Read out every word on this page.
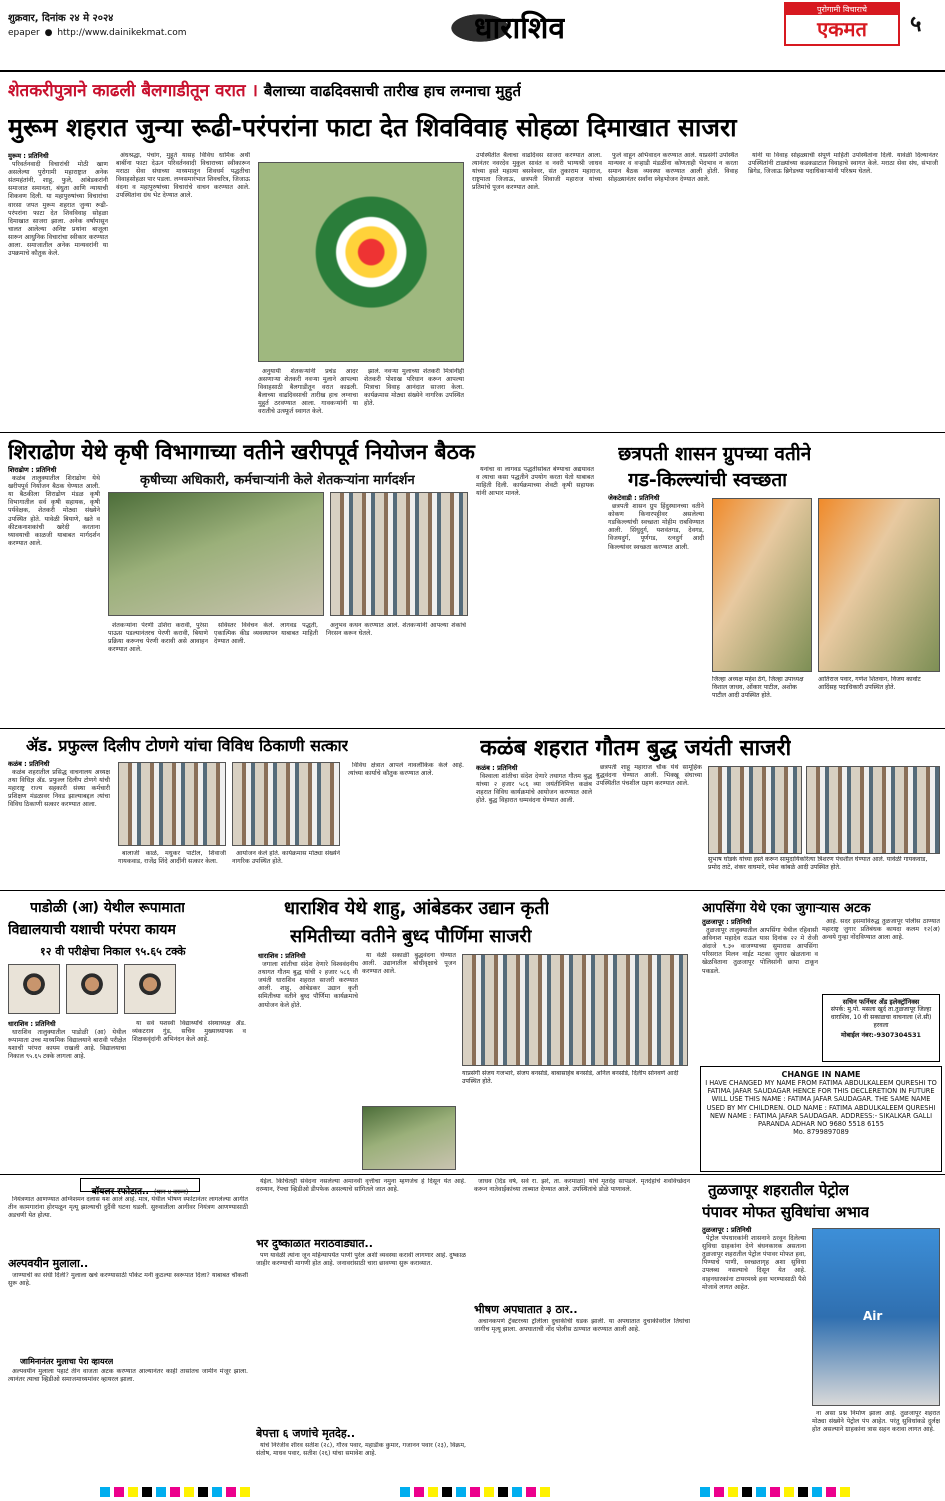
शुक्रवार, दिनांक २४ मे २०२४
epaper ● http://www.dainikekmat.com	धाराशिव
पुरोगामी विचाराचे
एकमत	५
शेतकरीपुत्राने काढली बैलगाडीतून वरात । बैलाच्या वाढदिवसाची तारीख हाच लग्नाचा मुहुर्त
मुरूम शहरात जुन्या रूढी-परंपरांना फाटा देत शिवविवाह सोहळा दिमाखात साजरा
मुरूम : प्रतिनिधी

परिवर्तनवादी विचारांची मोठी खाण असलेल्या पुरोगामी महाराष्ट्रात अनेक संतमहंतांनी, शाहू, फुले, आंबेडकरांनी समाजात समानता, बंधुता आणि न्यायाची शिकवण दिली. या महापुरुषांच्या विचारांचा वारसा जपत मुरूम शहरात जुन्या रूढी-परंपरांना फाटा देत शिवविवाह सोहळा दिमाखात साजरा झाला. अनेक वर्षांपासून चालत आलेल्या अनिष्ट प्रथांना बाजूला सारून आधुनिक विचारांचा स्वीकार करण्यात आला. समाजातील अनेक मान्यवरांनी या उपक्रमाचे कौतुक केले.

अंधश्रद्धा, पंचांग, मुहूर्त यासह विविध धार्मिक अर्थी बाबींना फाटा देऊन परिवर्तनवादी विचाराच्या स्वीकारून मराठा सेवा संघाच्या माध्यमातून शिवधर्म पद्धतीचा विवाहसोहळा पार पडला. लग्नसमारंभात शिवचरित्र, जिजाऊ वंदना व महापुरुषांच्या विचारांचे वाचन करण्यात आले. उपस्थितांना ग्रंथ भेट देण्यात आले.

अनुयायी शेतकऱ्यांनी प्रचंड आदर असणाऱ्या शेतकरी नवऱ्या मुलाने आपल्या विवाहसाठी बैलगाडीतून वरात काढली. बैलाच्या वाढदिवसाची तारीख हाच लग्नाचा मुहुर्त ठरवण्यात आला. गावकऱ्यांनी या वरातीचे उत्स्फूर्त स्वागत केले.

झाले. नवऱ्या मुलाच्या शेतकरी मित्रांनीही शेतकरी पोशाख परिधान करून आपल्या मित्राचा विवाह आनंदात साजरा केला. कार्यक्रमास मोठ्या संख्येने नागरिक उपस्थित होते.

उपस्थितीत बैलाचा वाढदिवस साजरा करण्यात आला. त्यानंतर नवरदेव मुकुल सावंत व नवरी भाग्यश्री जाधव यांच्या हस्ते महात्मा बसवेश्वर, संत तुकाराम महाराज, राष्ट्रमाता जिजाऊ, छत्रपती शिवाजी महाराज यांच्या प्रतिमांचे पूजन करण्यात आले.

फुले वाहून अभिवादन करण्यात आले. याप्रसंगी उपस्थित मान्यवर व वऱ्हाडी मंडळींना कोणताही भेदभाव न करता समान बैठक व्यवस्था करण्यात आली होती. विवाह सोहळ्यानंतर सर्वांना स्नेहभोजन देण्यात आले.

यांनी या विवाह सोहळ्याची संपूर्ण माहिती उपस्थितांना दिली. यावेळी दिल्यानंतर उपस्थितांनी टाळ्यांच्या कडकडाटात विवाहाचे स्वागत केले. मराठा सेवा संघ, संभाजी ब्रिगेड, जिजाऊ ब्रिगेडच्या पदाधिकाऱ्यांनी परिश्रम घेतले.

शिराढोण येथे कृषी विभागाच्या वतीने खरीपपूर्व नियोजन बैठक
शिराढोण : प्रतिनिधी

कळंब तालुक्यातील शिराढोण येथे खरीपपूर्व नियोजन बैठक घेण्यात आली. या बैठकीला शिराढोण मंडळ कृषी विभागातील सर्व कृषी सहायक, कृषी पर्यवेक्षक, शेतकरी मोठ्या संख्येने उपस्थित होते. यावेळी बियाणे, खते व कीटकनाशकांची खरेदी करताना घ्यावयाची काळजी याबाबत मार्गदर्शन करण्यात आले.

कृषीच्या अधिकारी, कर्मचाऱ्यांनी केले शेतकऱ्यांना मार्गदर्शन

शेतकऱ्यांना पेरणी उशिरा करावी, पुरेसा पाऊस पडल्यानंतरच पेरणी करावी, बियाणे प्रक्रिया करूनच पेरणी करावी असे आवाहन करण्यात आले.

सविस्तर विवेचन केले. लागवड पद्धती, एकात्मिक कीड व्यवस्थापन याबाबत माहिती देण्यात आली.

अनुभव कथन करण्यात आले. शेतकऱ्यांनी आपल्या शंकांचे निरसन करून घेतले.

यनांचा वा लागवड पद्धतीसोबत बेण्याचा अद्ययावत व त्याचा कसा पद्धतीने उपयोग करता येतो याबाबत माहिती दिली. कार्यक्रमाच्या शेवटी कृषी सहायक यांनी आभार मानले.

छत्रपती शासन ग्रुपच्या वतीने
गड-किल्ल्यांची स्वच्छता
जेकटेवाडी : प्रतिनिधी

छत्रपती शासन ग्रुप हिंदुस्थानच्या वतीने कोकण किनारपट्टीवर असलेल्या गडकिल्ल्यांची स्वच्छता मोहीम राबविण्यात आली. सिंधुदुर्ग, यशवंतगड, देवगड, विजयदुर्ग, पूर्णगड, रत्नदुर्ग आदी किल्ल्यांवर स्वच्छता करण्यात आली.

जिल्हा अध्यक्ष महेश ठेंगे, जिल्हा उपाध्यक्ष विशाल जाधव, ओंकार पाटील, अशोक पाटील आदी उपस्थित होते.
आतिराज पवार, गणेश शितवान, विजय कार्वाट आदिंसह पदाधिकारी उपस्थित होते.
ॲड. प्रफुल्ल दिलीप टोणगे यांचा विविध ठिकाणी सत्कार
कळंब : प्रतिनिधी

कळंब शहरातील प्रसिद्ध वाचनालय अध्यक्ष तथा विधिज्ञ ॲड. प्रफुल्ल दिलीप टोणगे यांची महाराष्ट्र राज्य सहकारी संस्था कर्मचारी प्रशिक्षण मंडळावर निवड झाल्याबद्दल त्यांचा विविध ठिकाणी सत्कार करण्यात आला.

बालाजी काळे, मधुकर पाटील, शिवाजी गायकवाड, राजेंद्र शिंदे आदींनी सत्कार केला.

आयोजन केले होते. कार्यक्रमास मोठ्या संख्येने नागरिक उपस्थित होते.

विविध क्षेत्रात आपले नावलौकिक केले आहे. त्यांच्या कार्याचे कौतुक करण्यात आले.

कळंब शहरात गौतम बुद्ध जयंती साजरी
कळंब : प्रतिनिधी

विश्वाला शांतीचा संदेश देणारे तथागत गौतम बुद्ध यांच्या २ हजार ५८६ व्या जयंतीनिमित्त कळंब शहरात विविध कार्यक्रमांचे आयोजन करण्यात आले होते. बुद्ध विहारात धम्मवंदना घेण्यात आली.

छत्रपती शाहू महाराज चौक येथे सामूहिक बुद्धवंदना घेण्यात आली. भिक्खू संघाच्या उपस्थितीत पंचशील ग्रहण करण्यात आले.

सुभाष घोडके यांच्या हस्ते करून सामुदायिकरित्या त्रिशरण पंचशील घेण्यात आले. यावेळी गायकवाड, प्रमोद ताटे, शंकर वाघमारे, रमेश कांबळे आदी उपस्थित होते.
पाडोळी (आ) येथील रूपामाता
विद्यालयाची यशाची परंपरा कायम
१२ वी परीक्षेचा निकाल ९५.६५ टक्के
धाराशिव : प्रतिनिधी

धाराशिव तालुक्यातील पाडोळी (आ) येथील रूपामाता उच्च माध्यमिक विद्यालयाने बारावी परीक्षेत यशाची परंपरा कायम राखली आहे. विद्यालयाचा निकाल ९५.६५ टक्के लागला आहे.

या सर्व यशस्वी विद्यार्थ्यांचे संस्थाध्यक्ष ॲड. व्यंकटराव गुंड, सचिव मुख्याध्यापक व शिक्षकवृंदांनी अभिनंदन केले आहे.

धाराशिव येथे शाहु, आंबेडकर उद्यान कृती
समितीच्या वतीने बुध्द पौर्णिमा साजरी
धाराशिव : प्रतिनिधी

जगाला शांतीचा संदेश देणारे विश्ववंदनीय तथागत गौतम बुद्ध यांची २ हजार ५८६ वी जयंती धाराशिव शहरात साजरी करण्यात आली. शाहु, आंबेडकर उद्यान कृती समितीच्या वतीने बुध्द पौर्णिमा कार्यक्रमाचे आयोजन केले होते.

या वेळी सकाळी बुद्धवंदना घेण्यात आली. उद्यानातील बोधीवृक्षाचे पूजन करण्यात आले.

याप्रसंगी संजय गजभारे, संजय बनसोडे, बाबासाहेब बनसोडे, अनिल बनसोडे, दिलीप सोनवणे आदी उपस्थित होते.
आपसिंगा येथे एका जुगाऱ्यास अटक
तुळजापूर : प्रतिनिधी

तुळजापूर तालुक्यातील आपसिंगा येथील रहिवासी अविनाश महादेव राऊत यास दिनांक २२ मे रोजी अंदाजे ९.३० वाजण्याच्या सुमारास आपसिंगा परिसरात मिलन नाईट मटका जुगार खेळताना व खेळविताना तुळजापूर पोलिसांनी छापा टाकून पकडले.

आहे. सदर इसमाविरुद्ध तुळजापूर पोलीस ठाण्यात महाराष्ट्र जुगार प्रतिबंधक कायदा कलम १२(अ) अन्वये गुन्हा नोंदविण्यात आला आहे.

सचिन फर्निचर अँड इलेक्ट्रॉनिक्स
संपर्क: मु.पो. मसला खुर्द ता.तुळजापूर जिल्हा धाराशिव, 10 वी सकाळचा वाचनाला (शे.सी) हरवला
मोबाईल नंबर:-9307304531
CHANGE IN NAME
I HAVE CHANGED MY NAME FROM FATIMA ABDULKALEEM QURESHI TO FATIMA JAFAR SAUDAGAR HENCE FOR THIS DECLERETION IN FUTURE WILL USE THIS NAME : FATIMA JAFAR SAUDAGAR. THE SAME NAME USED BY MY CHILDREN. OLD NAME : FATIMA ABDULKALEEM QURESHI NEW NAME : FATIMA JAFAR SAUDAGAR. ADDRESS:- SIKALKAR GALLI PARANDA ADHAR NO 9680 5518 6155
Mo. 8799897089
तुळजापूर शहरातील पेट्रोल
पंपावर मोफत सुविधांचा अभाव
तुळजापूर : प्रतिनिधी

पेट्रोल पंपधारकांनी शासनाने ठरवून दिलेल्या सुविधा ग्राहकांना देणे बंधनकारक असताना तुळजापूर शहरातील पेट्रोल पंपावर मोफत हवा, पिण्याचे पाणी, स्वच्छतागृह अशा सुविधा उपलब्ध नसल्याचे दिसून येत आहे. वाहनधारकांना टायरमध्ये हवा भरण्यासाठी पैसे मोजावे लागत आहेत.

Air

ना असा प्रश्न निर्माण झाला आहे. तुळजापूर शहरात मोठ्या संख्येने पेट्रोल पंप आहेत. परंतु सुविधांकडे दुर्लक्ष होत असल्याने ग्राहकांना त्रास सहन करावा लागत आहे.

बॉयलर स्फोटात.. (पान ४ वरून)

नियंत्रणात आणण्यात अग्निशमन दलास यश आले आहे. मात्र, येथील भीषण स्फोटानंतर लागलेल्या आगीत तीन कामगारांना होरपळून मृत्यू झाल्याची दुर्दैवी घटना घडली. सुरुवातीला आगीवर नियंत्रण आणण्यासाठी अडचणी येत होत्या.

अल्पवयीन मुलाला..

जाण्याची का संधी दिली? मुलाला खर्च करण्यासाठी पॉकेट मनी कुठल्या स्वरूपात दिला? याबाबत चौकशी सुरू आहे.

जामिनानंतर मुलाचा पेरा व्हायरल

अल्पवयीन मुलाला पहाटे तीन वाजता अटक करण्यात आल्यानंतर काही तासांतच जामीन मंजूर झाला. त्यानंतर त्याचा व्हिडीओ समाजमाध्यमांवर व्हायरल झाला.

येईल. किंचितही संवेदना नसलेल्या अमानवी वृत्तीचा नमुना म्हणजेच हे दिसून येत आहे. दरम्यान, रॅपचा व्हिडीओ डीपफेक असल्याचे सांगितले जात आहे.

भर दुष्काळात मराठवाड्यात..

पण यावेळी त्यांना जून महिन्यापर्यंत पाणी पुरेल अशी व्यवस्था करावी लागणार आहे. दुष्काळ जाहीर करण्याची मागणी होत आहे. जनावरांसाठी चारा छावण्या सुरू कराव्यात.

बेपत्ता ६ जणांचे मृतदेह..

यांचे निरंजीव शीरव सतीश (२८), गौरव पवार, महाडीक कुमार, गजानन पवार (२३), विक्रम, संतोष, माधव पवार, सतीश (२६) यांचा समावेश आहे.

जाधव (दिड वर्ष, सर्व रा. झरे, ता. करमाळा) यांचे मृतदेह सापडले. मृतदेहांचे शवविच्छेदन करून नातेवाईकांच्या ताब्यात देण्यात आले. उपस्थितांचे डोळे पाणावले.

भीषण अपघातात ३ ठार..

अचानकपणे ट्रॅक्टरच्या ट्रॉलीला दुचाकीची धडक झाली. या अपघातात दुचाकीवरील तिघांचा जागीच मृत्यू झाला. अपघाताची नोंद पोलीस ठाण्यात करण्यात आली आहे.
